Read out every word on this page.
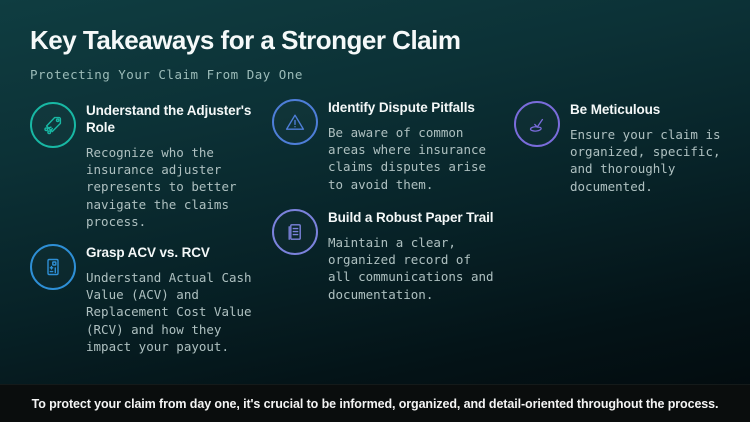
Key Takeaways for a Stronger Claim
Protecting Your Claim From Day One
Understand the Adjuster's Role
Recognize who the insurance adjuster represents to better navigate the claims process.
Grasp ACV vs. RCV
Understand Actual Cash Value (ACV) and Replacement Cost Value (RCV) and how they impact your payout.
Identify Dispute Pitfalls
Be aware of common areas where insurance claims disputes arise to avoid them.
Build a Robust Paper Trail
Maintain a clear, organized record of all communications and documentation.
Be Meticulous
Ensure your claim is organized, specific, and thoroughly documented.

To protect your claim from day one, it's crucial to be informed, organized, and detail-oriented throughout the process.
